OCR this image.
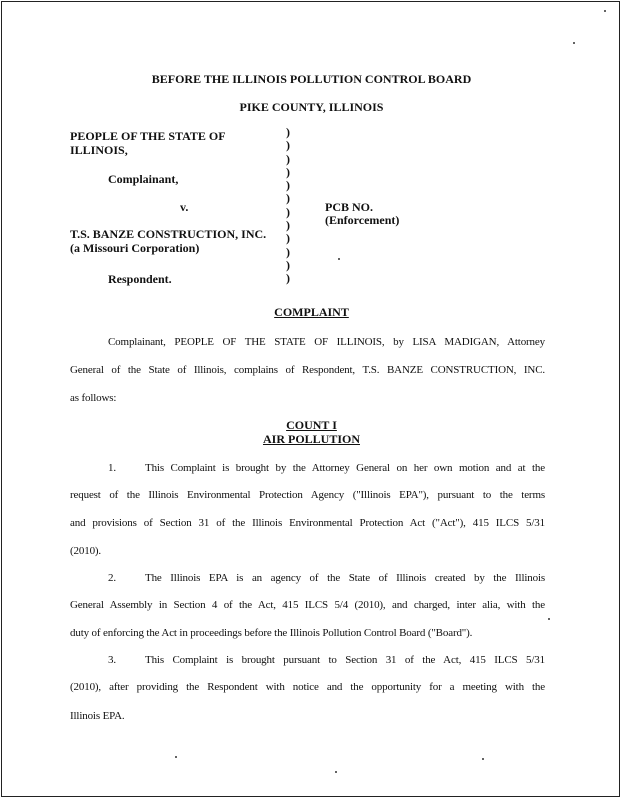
BEFORE THE ILLINOIS POLLUTION CONTROL BOARD
PIKE COUNTY, ILLINOIS
PEOPLE OF THE STATE OF
ILLINOIS,
Complainant,
v.
T.S. BANZE CONSTRUCTION, INC.
(a Missouri Corporation)
Respondent.
)
)
)
)
)
)
)
)
)
)
)
)
PCB NO.
(Enforcement)
COMPLAINT
Complainant, PEOPLE OF THE STATE OF ILLINOIS, by LISA MADIGAN, Attorney
General of the State of Illinois, complains of Respondent, T.S. BANZE CONSTRUCTION, INC.
as follows:
COUNT I
AIR POLLUTION
1.	This Complaint is brought by the Attorney General on her own motion and at the
request of the Illinois Environmental Protection Agency ("Illinois EPA"), pursuant to the terms
and provisions of Section 31 of the Illinois Environmental Protection Act ("Act"), 415 ILCS 5/31
(2010).
2.	The Illinois EPA is an agency of the State of Illinois created by the Illinois
General Assembly in Section 4 of the Act, 415 ILCS 5/4 (2010), and charged, inter alia, with the
duty of enforcing the Act in proceedings before the Illinois Pollution Control Board ("Board").
3.	This Complaint is brought pursuant to Section 31 of the Act, 415 ILCS 5/31
(2010), after providing the Respondent with notice and the opportunity for a meeting with the
Illinois EPA.
